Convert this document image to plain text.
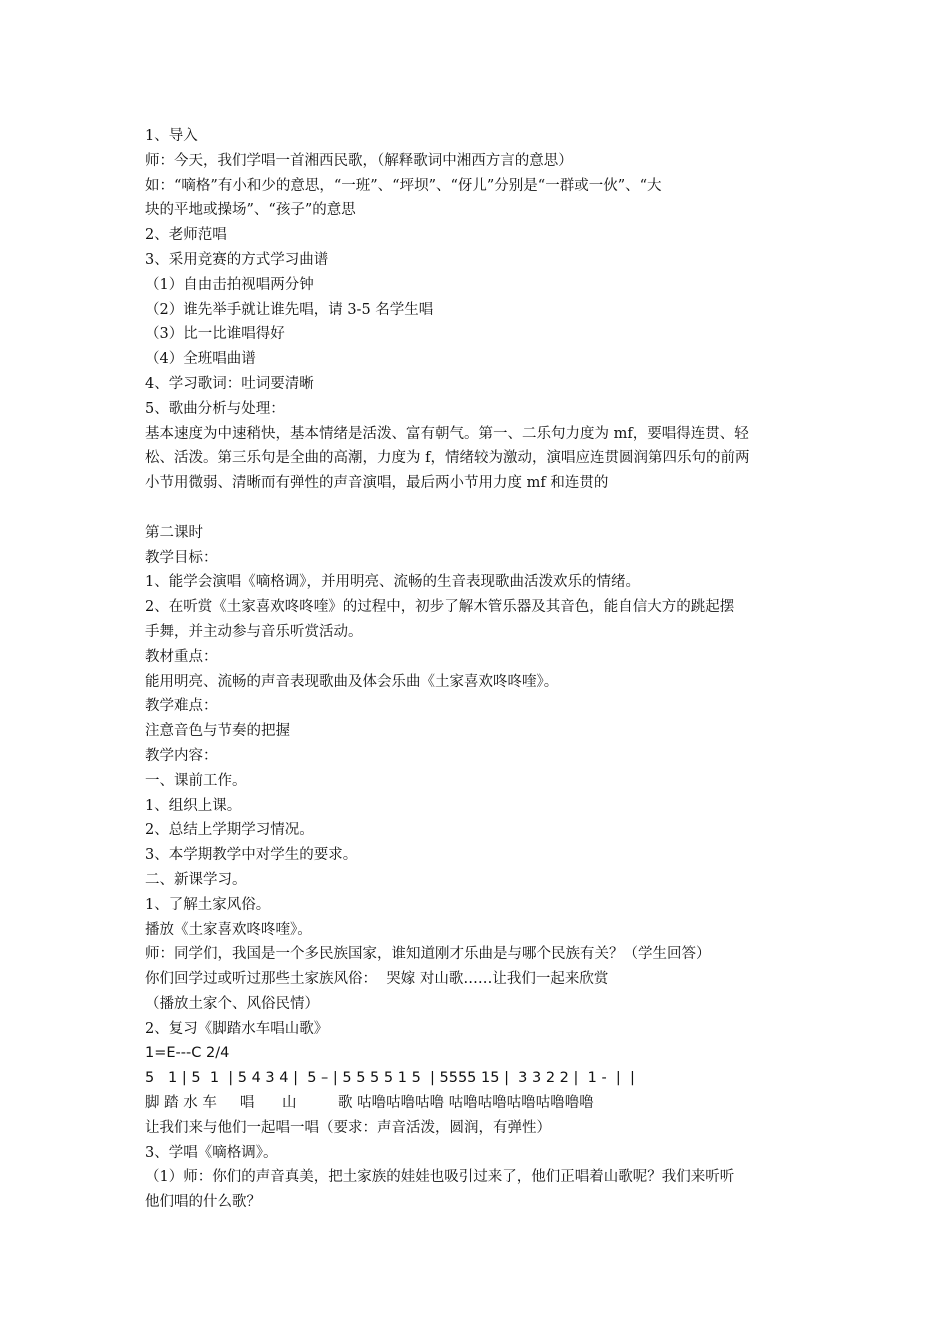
1、导入

师：今天，我们学唱一首湘西民歌，（解释歌词中湘西方言的意思）

如：“嘀格”有小和少的意思，“一班”、“坪坝”、“伢儿”分别是“一群或一伙”、“大

块的平地或操场”、“孩子”的意思

2、老师范唱

3、采用竞赛的方式学习曲谱

（1）自由击拍视唱两分钟

（2）谁先举手就让谁先唱，请 3-5 名学生唱

（3）比一比谁唱得好

（4）全班唱曲谱

4、学习歌词：吐词要清晰

5、歌曲分析与处理：

基本速度为中速稍快，基本情绪是活泼、富有朝气。第一、二乐句力度为 mf，要唱得连贯、轻

松、活泼。第三乐句是全曲的高潮，力度为 f，情绪较为激动，演唱应连贯圆润第四乐句的前两

小节用微弱、清晰而有弹性的声音演唱，最后两小节用力度 mf 和连贯的

第二课时

教学目标：

1、能学会演唱《嘀格调》，并用明亮、流畅的生音表现歌曲活泼欢乐的情绪。

2、在听赏《土家喜欢咚咚喹》的过程中，初步了解木管乐器及其音色，能自信大方的跳起摆

手舞，并主动参与音乐听赏活动。

教材重点：

能用明亮、流畅的声音表现歌曲及体会乐曲《土家喜欢咚咚喹》。

教学难点：

注意音色与节奏的把握

教学内容：

一、课前工作。

1、组织上课。

2、总结上学期学习情况。

3、本学期教学中对学生的要求。

二、新课学习。

1、了解土家风俗。

播放《土家喜欢咚咚喹》。

师：同学们，我国是一个多民族国家，谁知道刚才乐曲是与哪个民族有关？（学生回答）

你们回学过或听过那些土家族风俗：  哭嫁 对山歌……让我们一起来欣赏

（播放土家个、风俗民情）

2、复习《脚踏水车唱山歌》

1=E---C 2/4

5   1 | 5  1  | 5 4 3 4 |  5 – | 5 5 5 5 1 5  | 5555 15 |  3 3 2 2 |  1 -  |  |

脚 踏 水 车     唱      山         歌 咕噜咕噜咕噜 咕噜咕噜咕噜咕噜噜噜

让我们来与他们一起唱一唱（要求：声音活泼，圆润，有弹性）

3、学唱《嘀格调》。

（1）师：你们的声音真美，把土家族的娃娃也吸引过来了，他们正唱着山歌呢？我们来听听

他们唱的什么歌？
